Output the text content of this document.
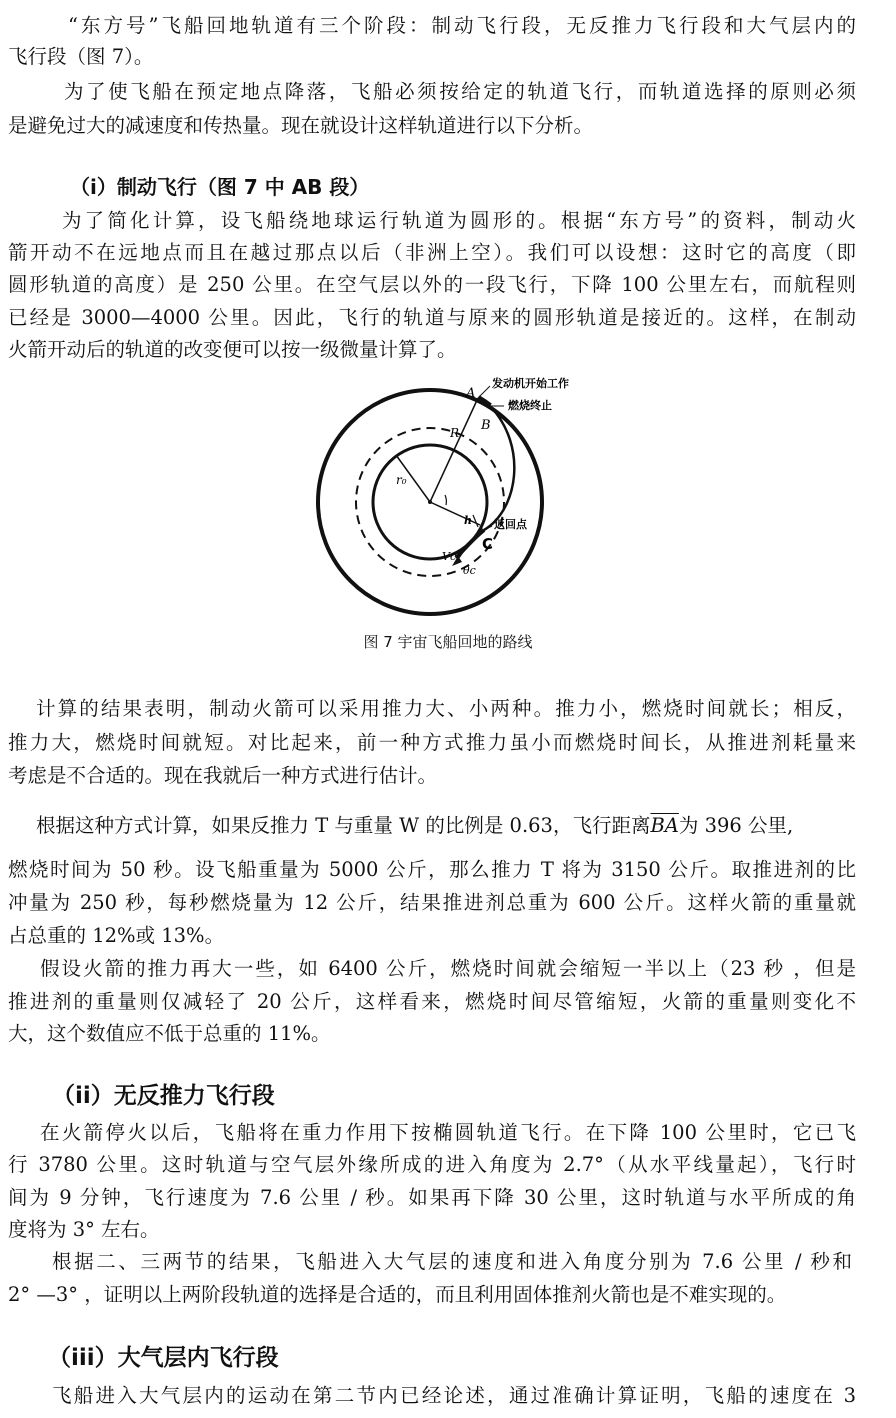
“东方号”飞船回地轨道有三个阶段：制动飞行段，无反推力飞行段和大气层内的
飞行段（图 7）。
为了使飞船在预定地点降落，飞船必须按给定的轨道飞行，而轨道选择的原则必须
是避免过大的减速度和传热量。现在就设计这样轨道进行以下分析。
（i）制动飞行（图 7 中 AB 段）
为了简化计算，设飞船绕地球运行轨道为圆形的。根据“东方号”的资料，制动火
箭开动不在远地点而且在越过那点以后（非洲上空）。我们可以设想：这时它的高度（即
圆形轨道的高度）是 250 公里。在空气层以外的一段飞行，下降 100 公里左右，而航程则
已经是 3000—4000 公里。因此，飞行的轨道与原来的圆形轨道是接近的。这样，在制动
火箭开动后的轨道的改变便可以按一级微量计算了。
发动机开始工作
燃烧终止
返回点
A
B
C
R
r₀
h
Vc
θc
图 7 宇宙飞船回地的路线
计算的结果表明，制动火箭可以采用推力大、小两种。推力小，燃烧时间就长；相反，
推力大，燃烧时间就短。对比起来，前一种方式推力虽小而燃烧时间长，从推进剂耗量来
考虑是不合适的。现在我就后一种方式进行估计。
根据这种方式计算，如果反推力 T 与重量 W 的比例是 0.63，飞行距离$\overline{BA}$为 396 公里,
燃烧时间为 50 秒。设飞船重量为 5000 公斤，那么推力 T 将为 3150 公斤。取推进剂的比
冲量为 250 秒，每秒燃烧量为 12 公斤，结果推进剂总重为 600 公斤。这样火箭的重量就
占总重的 12%或 13%。
假设火箭的推力再大一些，如 6400 公斤，燃烧时间就会缩短一半以上（23 秒 ，但是
推进剂的重量则仅减轻了 20 公斤，这样看来，燃烧时间尽管缩短，火箭的重量则变化不
大，这个数值应不低于总重的 11%。
（ii）无反推力飞行段
在火箭停火以后，飞船将在重力作用下按椭圆轨道飞行。在下降 100 公里时，它已飞
行 3780 公里。这时轨道与空气层外缘所成的进入角度为 2.7°（从水平线量起），飞行时
间为 9 分钟，飞行速度为 7.6 公里 / 秒。如果再下降 30 公里，这时轨道与水平所成的角
度将为 3° 左右。
根据二、三两节的结果，飞船进入大气层的速度和进入角度分别为 7.6 公里 / 秒和
2° —3° ，证明以上两阶段轨道的选择是合适的，而且利用固体推剂火箭也是不难实现的。
（iii）大气层内飞行段
飞船进入大气层内的运动在第二节内已经论述，通过准确计算证明，飞船的速度在 3
